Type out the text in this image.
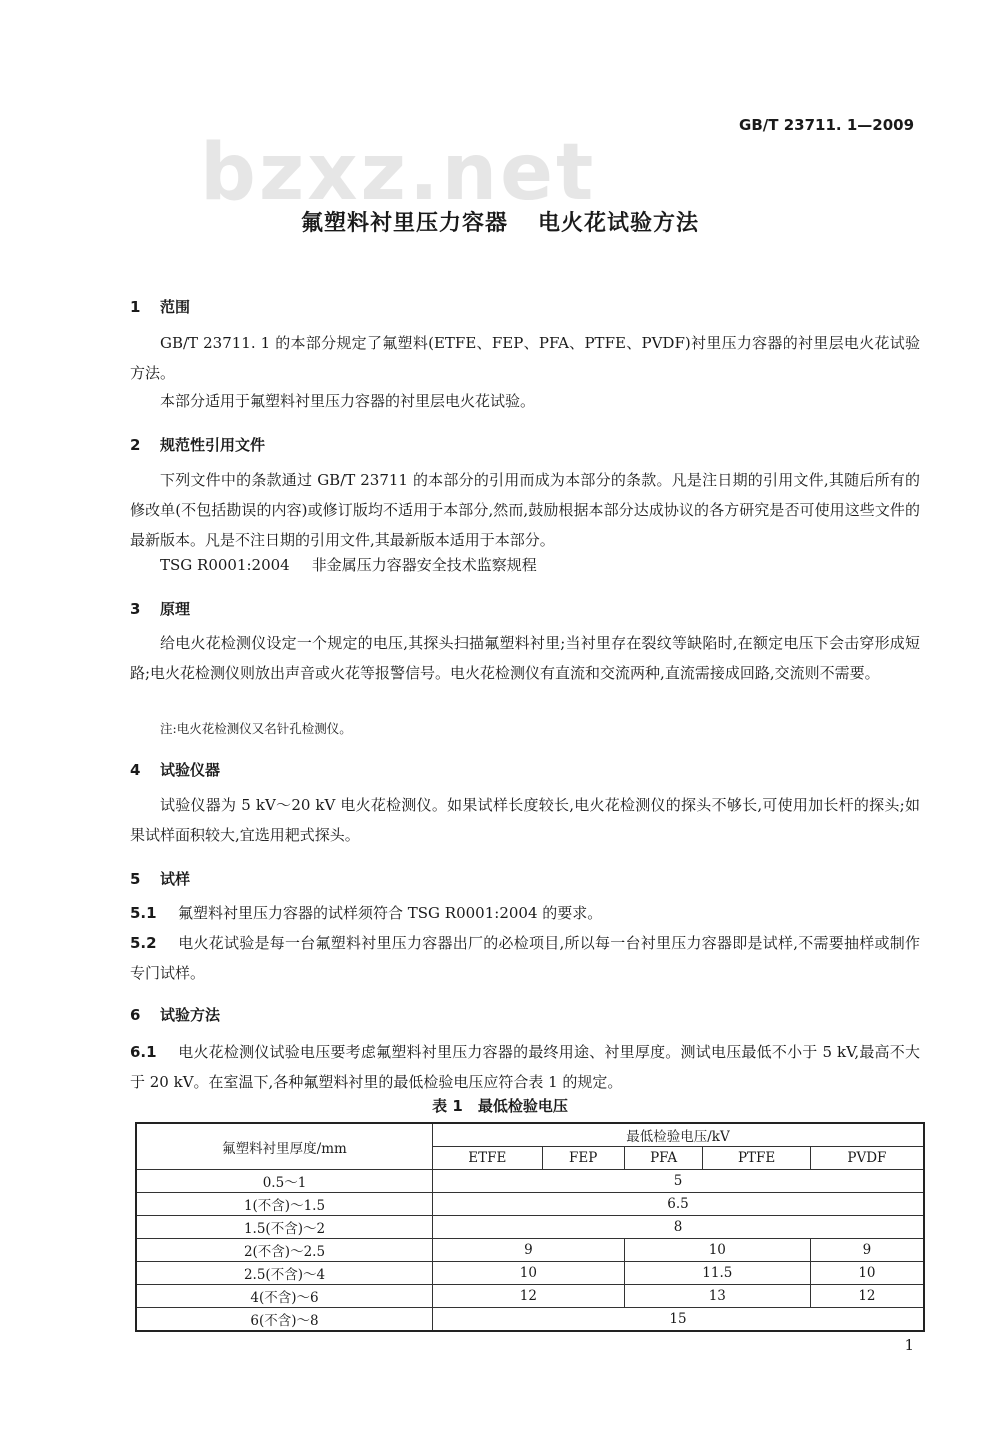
bzxz.net
GB/T 23711. 1—2009
氟塑料衬里压力容器 电火花试验方法
1 范围

GB/T 23711. 1 的本部分规定了氟塑料(ETFE、FEP、PFA、PTFE、PVDF)衬里压力容器的衬里层电火花试验方法。

本部分适用于氟塑料衬里压力容器的衬里层电火花试验。

2 规范性引用文件

下列文件中的条款通过 GB/T 23711 的本部分的引用而成为本部分的条款。凡是注日期的引用文件,其随后所有的修改单(不包括勘误的内容)或修订版均不适用于本部分,然而,鼓励根据本部分达成协议的各方研究是否可使用这些文件的最新版本。凡是不注日期的引用文件,其最新版本适用于本部分。

TSG R0001:2004 非金属压力容器安全技术监察规程
3 原理

给电火花检测仪设定一个规定的电压,其探头扫描氟塑料衬里;当衬里存在裂纹等缺陷时,在额定电压下会击穿形成短路;电火花检测仪则放出声音或火花等报警信号。电火花检测仪有直流和交流两种,直流需接成回路,交流则不需要。

注:电火花检测仪又名针孔检测仪。
4 试验仪器

试验仪器为 5 kV～20 kV 电火花检测仪。如果试样长度较长,电火花检测仪的探头不够长,可使用加长杆的探头;如果试样面积较大,宜选用耙式探头。

5 试样

5.1 氟塑料衬里压力容器的试样须符合 TSG R0001:2004 的要求。

5.2 电火花试验是每一台氟塑料衬里压力容器出厂的必检项目,所以每一台衬里压力容器即是试样,不需要抽样或制作专门试样。

6 试验方法

6.1 电火花检测仪试验电压要考虑氟塑料衬里压力容器的最终用途、衬里厚度。测试电压最低不小于 5 kV,最高不大于 20 kV。在室温下,各种氟塑料衬里的最低检验电压应符合表 1 的规定。

表 1　最低检验电压
氟塑料衬里厚度/mm	最低检验电压/kV				
	ETFE	FEP	PFA	PTFE	PVDF
0.5～1	5				
1(不含)～1.5	6.5				
1.5(不含)～2	8				
2(不含)～2.5	9		10		9
2.5(不含)～4	10		11.5		10
4(不含)～6	12		13		12
6(不含)～8	15				
1
